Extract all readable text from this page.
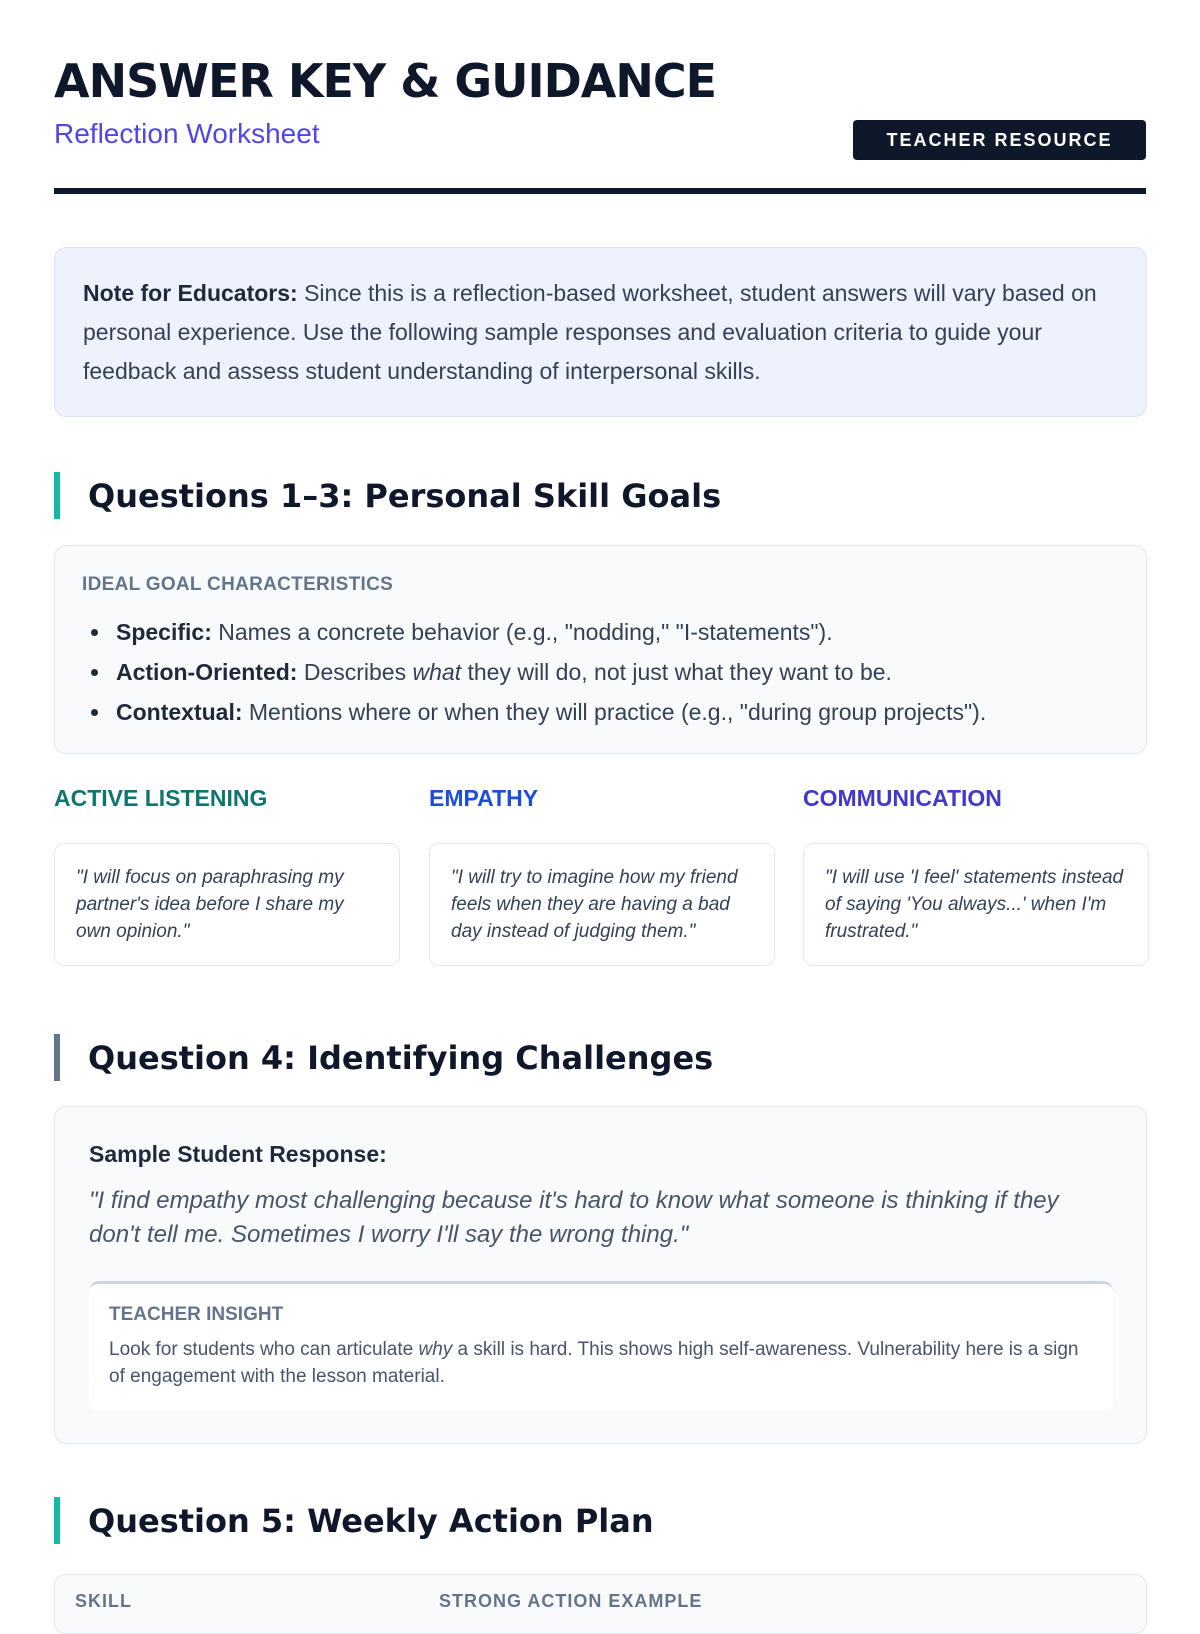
ANSWER KEY & GUIDANCE
Reflection Worksheet	TEACHER RESOURCE
Note for Educators: Since this is a reflection-based worksheet, student answers will vary based on personal experience. Use the following sample responses and evaluation criteria to guide your feedback and assess student understanding of interpersonal skills.
Questions 1–3: Personal Skill Goals
IDEAL GOAL CHARACTERISTICS
Specific: Names a concrete behavior (e.g., "nodding," "I-statements").
Action-Oriented: Describes what they will do, not just what they want to be.
Contextual: Mentions where or when they will practice (e.g., "during group projects").
ACTIVE LISTENING
"I will focus on paraphrasing my partner's idea before I share my own opinion."
EMPATHY
"I will try to imagine how my friend feels when they are having a bad day instead of judging them."
COMMUNICATION
"I will use 'I feel' statements instead of saying 'You always...' when I'm frustrated."
Question 4: Identifying Challenges
Sample Student Response:
"I find empathy most challenging because it's hard to know what someone is thinking if they don't tell me. Sometimes I worry I'll say the wrong thing."
TEACHER INSIGHT
Look for students who can articulate why a skill is hard. This shows high self-awareness. Vulnerability here is a sign of engagement with the lesson material.
Question 5: Weekly Action Plan
SKILL	STRONG ACTION EXAMPLE
